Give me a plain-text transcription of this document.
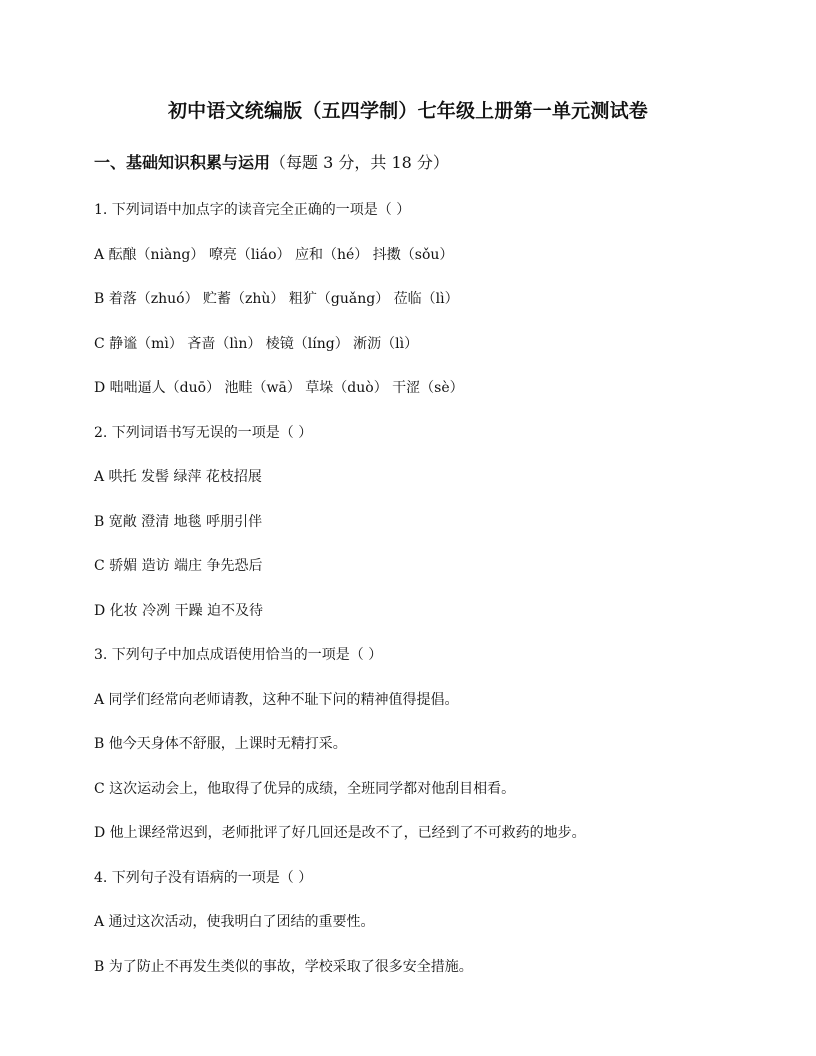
初中语文统编版（五四学制）七年级上册第一单元测试卷
一、基础知识积累与运用（每题 3 分，共 18 分）
1. 下列词语中加点字的读音完全正确的一项是（ ）
A 酝酿（niàng） 嘹亮（liáo） 应和（hé） 抖擞（sǒu）
B 着落（zhuó） 贮蓄（zhù） 粗犷（guǎng） 莅临（lì）
C 静谧（mì） 吝啬（lìn） 棱镜（líng） 淅沥（lì）
D 咄咄逼人（duō） 池畦（wā） 草垛（duò） 干涩（sè）
2. 下列词语书写无误的一项是（ ）
A 哄托 发髻 绿萍 花枝招展
B 宽敞 澄清 地毯 呼朋引伴
C 骄媚 造访 端庄 争先恐后
D 化妆 冷冽 干躁 迫不及待
3. 下列句子中加点成语使用恰当的一项是（ ）
A 同学们经常向老师请教，这种不耻下问的精神值得提倡。
B 他今天身体不舒服，上课时无精打采。
C 这次运动会上，他取得了优异的成绩，全班同学都对他刮目相看。
D 他上课经常迟到，老师批评了好几回还是改不了，已经到了不可救药的地步。
4. 下列句子没有语病的一项是（ ）
A 通过这次活动，使我明白了团结的重要性。
B 为了防止不再发生类似的事故，学校采取了很多安全措施。
